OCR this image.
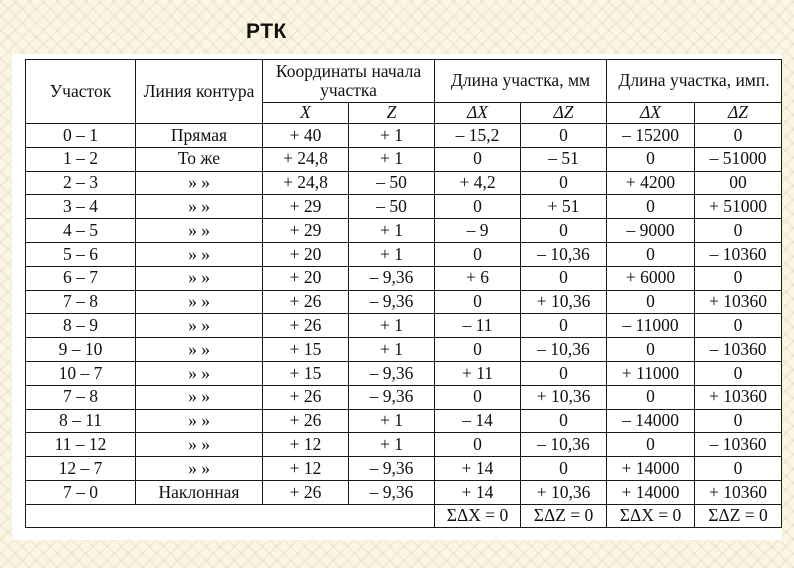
РТК
Участок	Линия контура	Координаты начала участка		Длина участка, мм		Длина участка, имп.	
		X	Z	ΔX	ΔZ	ΔX	ΔZ
0 – 1	Прямая	+ 40	+ 1	– 15,2	0	– 15200	0
1 – 2	То же	+ 24,8	+ 1	0	– 51	0	– 51000
2 – 3	» »	+ 24,8	– 50	+ 4,2	0	+ 4200	00
3 – 4	» »	+ 29	– 50	0	+ 51	0	+ 51000
4 – 5	» »	+ 29	+ 1	– 9	0	– 9000	0
5 – 6	» »	+ 20	+ 1	0	– 10,36	0	– 10360
6 – 7	» »	+ 20	– 9,36	+ 6	0	+ 6000	0
7 – 8	» »	+ 26	– 9,36	0	+ 10,36	0	+ 10360
8 – 9	» »	+ 26	+ 1	– 11	0	– 11000	0
9 – 10	» »	+ 15	+ 1	0	– 10,36	0	– 10360
10 – 7	» »	+ 15	– 9,36	+ 11	0	+ 11000	0
7 – 8	» »	+ 26	– 9,36	0	+ 10,36	0	+ 10360
8 – 11	» »	+ 26	+ 1	– 14	0	– 14000	0
11 – 12	» »	+ 12	+ 1	0	– 10,36	0	– 10360
12 – 7	» »	+ 12	– 9,36	+ 14	0	+ 14000	0
7 – 0	Наклонная	+ 26	– 9,36	+ 14	+ 10,36	+ 14000	+ 10360
				ΣΔX = 0	ΣΔZ = 0	ΣΔX = 0	ΣΔZ = 0
